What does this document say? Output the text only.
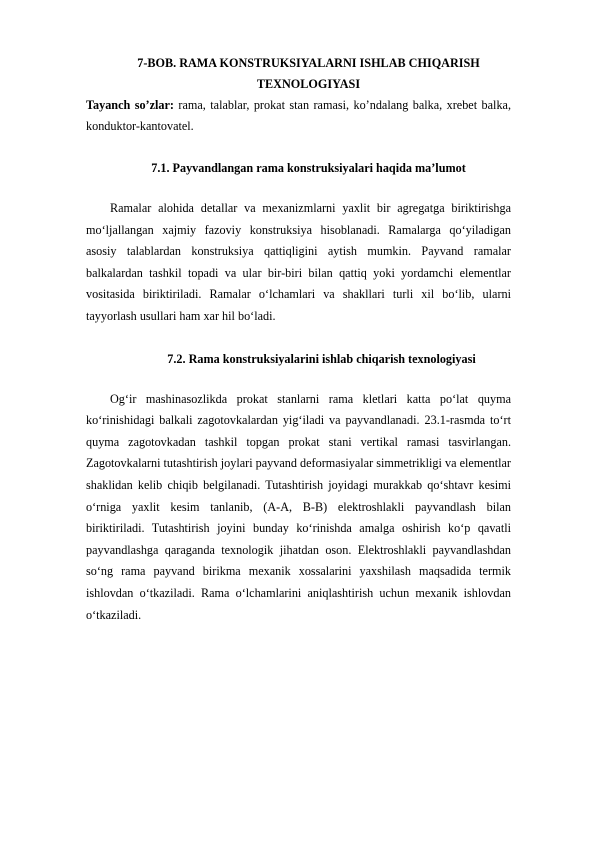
7-BOB. RAMA KONSTRUKSIYALARNI ISHLAB CHIQARISH TEXNOLOGIYASI

Tayanch so’zlar: rama, talablar, prokat stan ramasi, ko’ndalang balka, xrebet balka, konduktor-kantovatel.

7.1. Payvandlangan rama konstruksiyalari haqida ma’lumot

Ramalar alohida detallar va mexanizmlarni yaxlit bir agregatga biriktirishga mo‘ljallangan xajmiy fazoviy konstruksiya hisoblanadi. Ramalarga qo‘yiladigan asosiy talablardan konstruksiya qattiqligini aytish mumkin. Payvand ramalar balkalardan tashkil topadi va ular bir-biri bilan qattiq yoki yordamchi elementlar vositasida biriktiriladi. Ramalar o‘lchamlari va shakllari turli xil bo‘lib, ularni tayyorlash usullari ham xar hil bo‘ladi.

7.2. Rama konstruksiyalarini ishlab chiqarish texnologiyasi

Og‘ir mashinasozlikda prokat stanlarni rama kletlari katta po‘lat quyma ko‘rinishidagi balkali zagotovkalardan yig‘iladi va payvandlanadi. 23.1-rasmda to‘rt quyma zagotovkadan tashkil topgan prokat stani vertikal ramasi tasvirlangan. Zagotovkalarni tutashtirish joylari payvand deformasiyalar simmetrikligi va elementlar shaklidan kelib chiqib belgilanadi. Tutashtirish joyidagi murakkab qo‘shtavr kesimi o‘rniga yaxlit kesim tanlanib, (A-A, B-B) elektroshlakli payvandlash bilan biriktiriladi. Tutashtirish joyini bunday ko‘rinishda amalga oshirish ko‘p qavatli payvandlashga qaraganda texnologik jihatdan oson. Elektroshlakli payvandlashdan so‘ng rama payvand birikma mexanik xossalarini yaxshilash maqsadida termik ishlovdan o‘tkaziladi. Rama o‘lchamlarini aniqlashtirish uchun mexanik ishlovdan o‘tkaziladi.
